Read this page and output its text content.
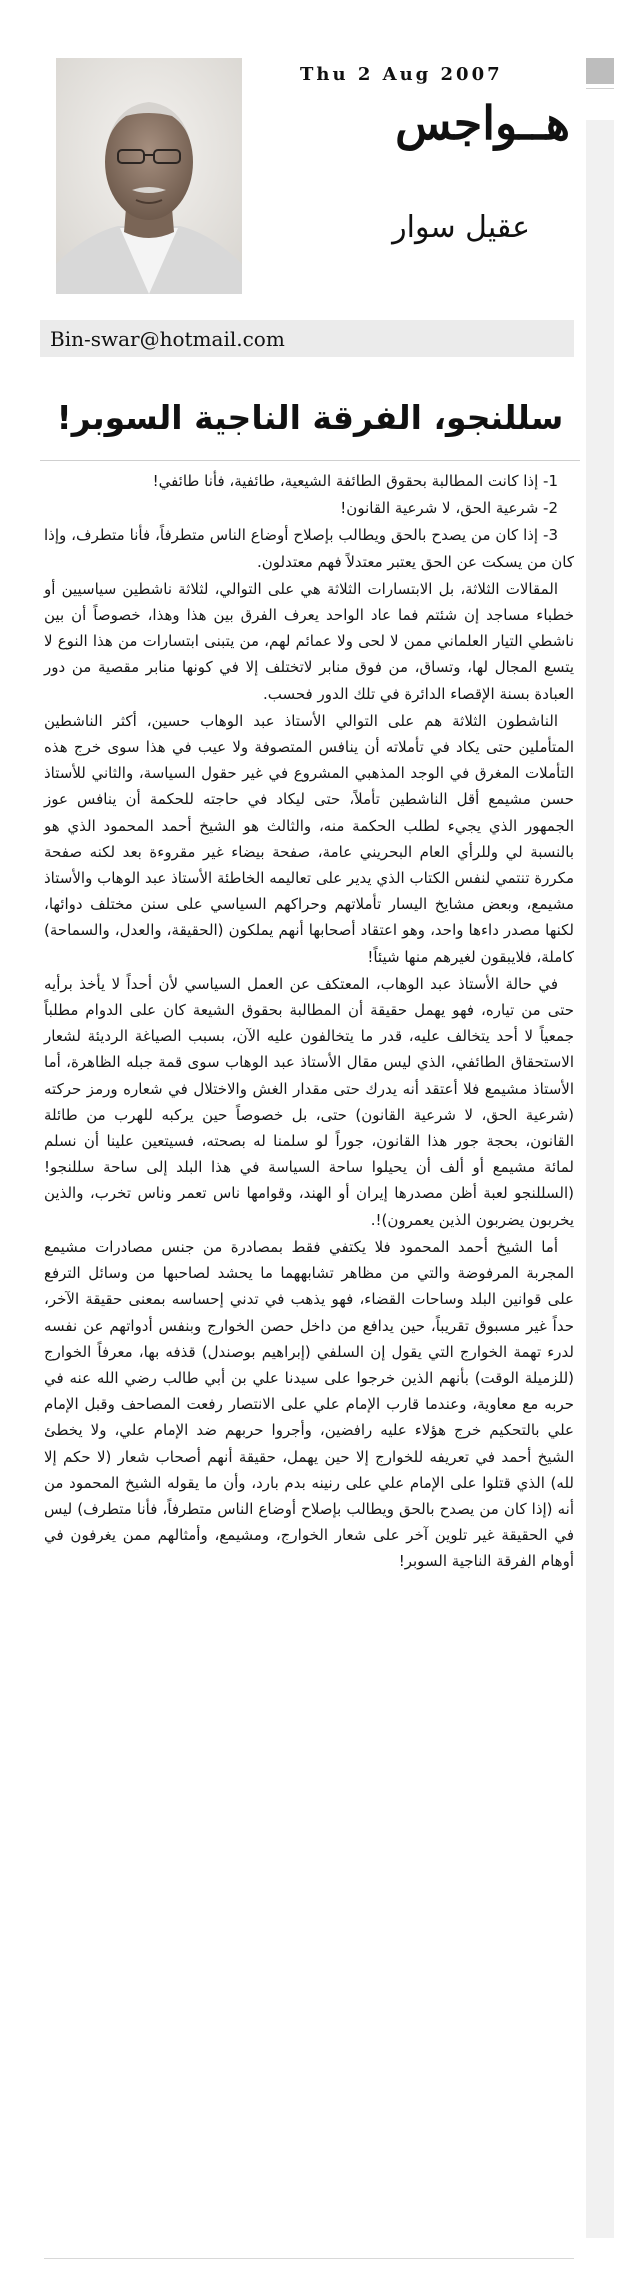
Thu 2 Aug 2007
هــواجس
عقيل سوار
Bin-swar@hotmail.com
سللنجو، الفرقة الناجية السوبر!

1- إذا كانت المطالبة بحقوق الطائفة الشيعية، طائفية، فأنا طائفي!

2- شرعية الحق، لا شرعية القانون!

3- إذا كان من يصدح بالحق ويطالب بإصلاح أوضاع الناس متطرفاً، فأنا متطرف، وإذا كان من يسكت عن الحق يعتبر معتدلاً فهم معتدلون.

المقالات الثلاثة، بل الابتسارات الثلاثة هي على التوالي، لثلاثة ناشطين سياسيين أو خطباء مساجد إن شئتم فما عاد الواحد يعرف الفرق بين هذا وهذا، خصوصاً أن بين ناشطي التيار العلماني ممن لا لحى ولا عمائم لهم، من يتبنى ابتسارات من هذا النوع لا يتسع المجال لها، وتساق، من فوق منابر لاتختلف إلا في كونها منابر مقصية من دور العبادة بسنة الإقصاء الدائرة في تلك الدور فحسب.

الناشطون الثلاثة هم على التوالي الأستاذ عبد الوهاب حسين، أكثر الناشطين المتأملين حتى يكاد في تأملاته أن ينافس المتصوفة ولا عيب في هذا سوى خرج هذه التأملات المغرق في الوجد المذهبي المشروع في غير حقول السياسة، والثاني للأستاذ حسن مشيمع أقل الناشطين تأملاً، حتى ليكاد في حاجته للحكمة أن ينافس عوز الجمهور الذي يجيء لطلب الحكمة منه، والثالث هو الشيخ أحمد المحمود الذي هو بالنسبة لي وللرأي العام البحريني عامة، صفحة بيضاء غير مقروءة بعد لكنه صفحة مكررة تنتمي لنفس الكتاب الذي يدير على تعاليمه الخاطئة الأستاذ عبد الوهاب والأستاذ مشيمع، وبعض مشايخ اليسار تأملاتهم وحراكهم السياسي على سنن مختلف دوائها، لكنها مصدر داءها واحد، وهو اعتقاد أصحابها أنهم يملكون (الحقيقة، والعدل، والسماحة) كاملة، فلايبقون لغيرهم منها شيئاً!

في حالة الأستاذ عبد الوهاب، المعتكف عن العمل السياسي لأن أحداً لا يأخذ برأيه حتى من تياره، فهو يهمل حقيقة أن المطالبة بحقوق الشيعة كان على الدوام مطلباً جمعياً لا أحد يتخالف عليه، قدر ما يتخالفون عليه الآن، بسبب الصياغة الرديئة لشعار الاستحقاق الطائفي، الذي ليس مقال الأستاذ عبد الوهاب سوى قمة جبله الظاهرة، أما الأستاذ مشيمع فلا أعتقد أنه يدرك حتى مقدار الغش والاختلال في شعاره ورمز حركته (شرعية الحق، لا شرعية القانون) حتى، بل خصوصاً حين يركبه للهرب من طائلة القانون، بحجة جور هذا القانون، جوراً لو سلمنا له بصحته، فسيتعين علينا أن نسلم لمائة مشيمع أو ألف أن يحيلوا ساحة السياسة في هذا البلد إلى ساحة سللنجو! (السللنجو لعبة أظن مصدرها إيران أو الهند، وقوامها ناس تعمر وناس تخرب، والذين يخربون يضربون الذين يعمرون)!.

أما الشيخ أحمد المحمود فلا يكتفي فقط بمصادرة من جنس مصادرات مشيمع المجربة المرفوضة والتي من مظاهر تشابههما ما يحشد لصاحبها من وسائل الترفع على قوانين البلد وساحات القضاء، فهو يذهب في تدني إحساسه بمعنى حقيقة الآخر، حداً غير مسبوق تقريباً، حين يدافع من داخل حصن الخوارج وبنفس أدواتهم عن نفسه لدرء تهمة الخوارج التي يقول إن السلفي (إبراهيم بوصندل) قذفه بها، معرفاً الخوارج (للزميلة الوقت) بأنهم الذين خرجوا على سيدنا علي بن أبي طالب رضي الله عنه في حربه مع معاوية، وعندما قارب الإمام علي على الانتصار رفعت المصاحف وقبل الإمام علي بالتحكيم خرج هؤلاء عليه رافضين، وأجروا حربهم ضد الإمام علي، ولا يخطئ الشيخ أحمد في تعريفه للخوارج إلا حين يهمل، حقيقة أنهم أصحاب شعار (لا حكم إلا لله) الذي قتلوا على الإمام علي على رنينه بدم بارد، وأن ما يقوله الشيخ المحمود من أنه (إذا كان من يصدح بالحق ويطالب بإصلاح أوضاع الناس متطرفاً، فأنا متطرف) ليس في الحقيقة غير تلوين آخر على شعار الخوارج، ومشيمع، وأمثالهم ممن يغرفون في أوهام الفرقة الناجية السوبر!
